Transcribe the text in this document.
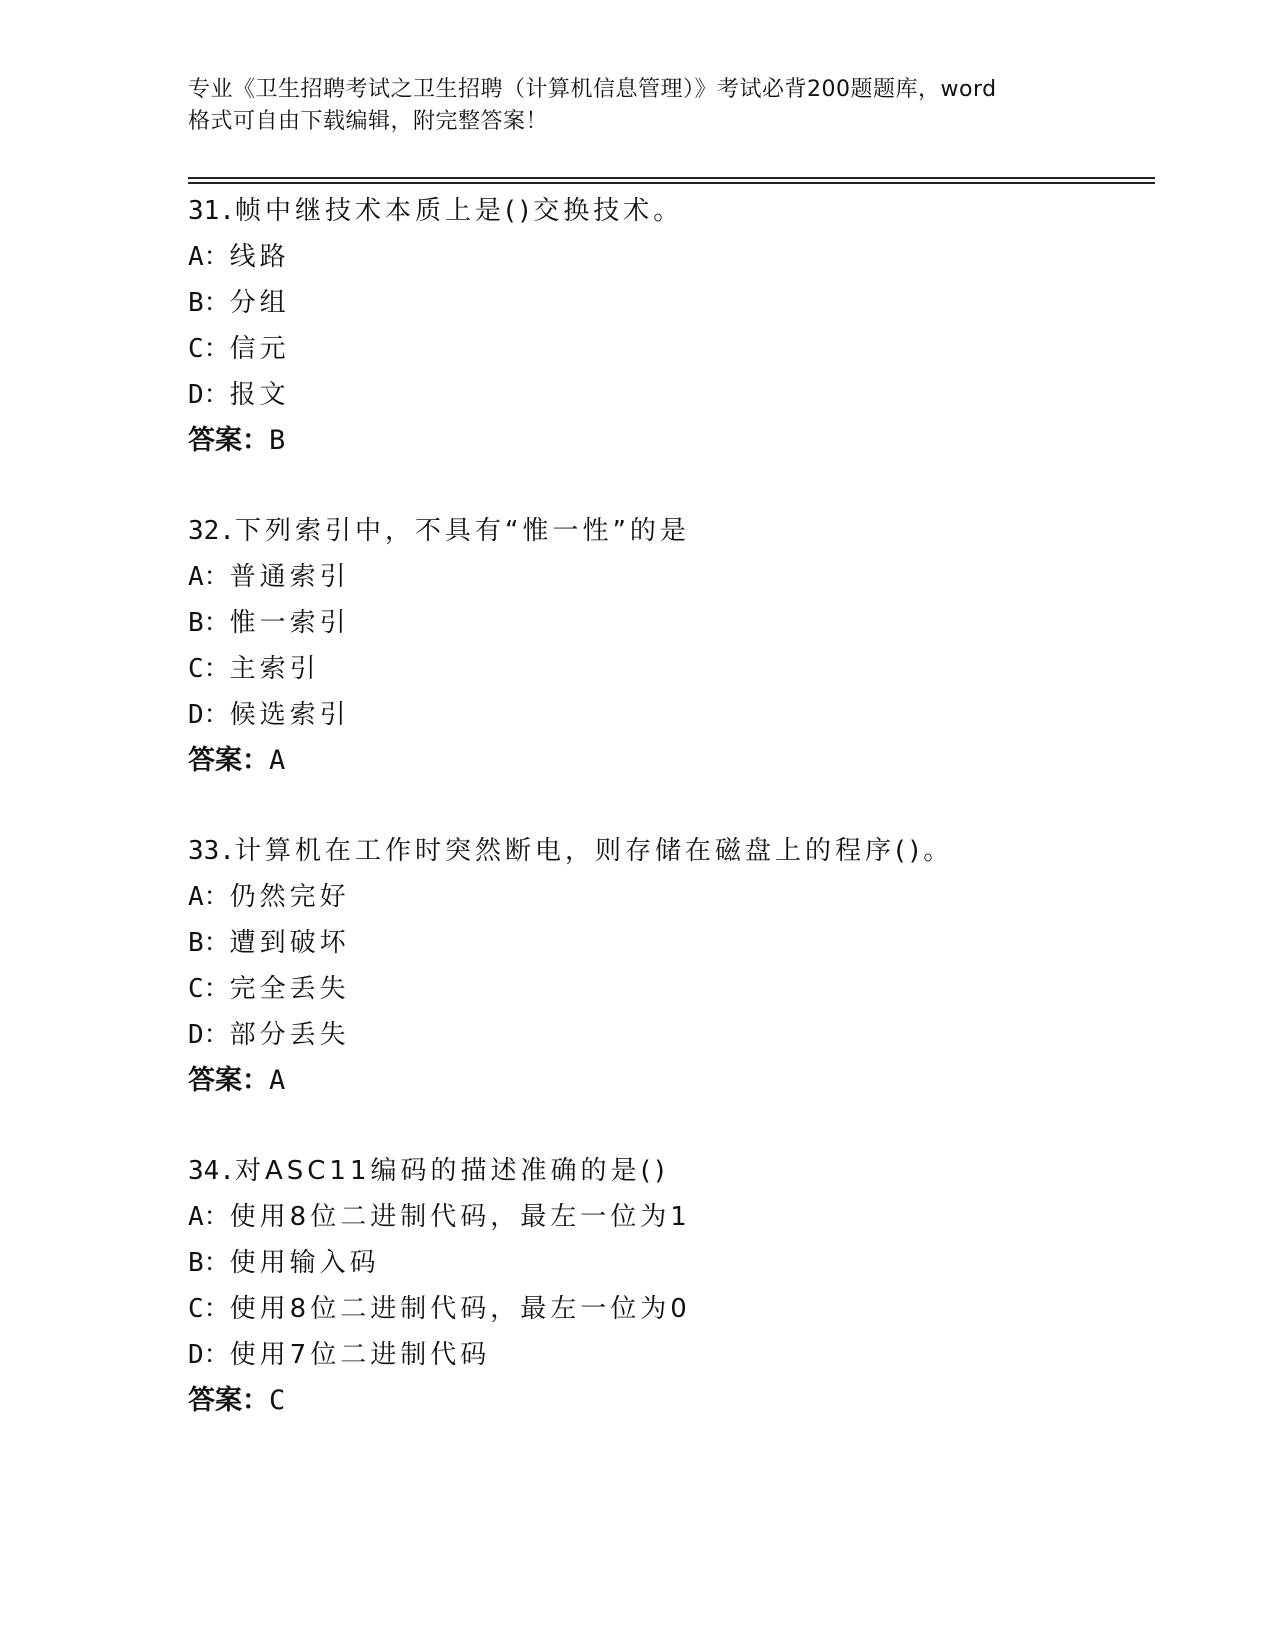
专业《卫生招聘考试之卫生招聘（计算机信息管理）》考试必背200题题库，word
格式可自由下载编辑，附完整答案！
31.帧中继技术本质上是()交换技术。
A：线路
B：分组
C：信元
D：报文
答案：B
32.下列索引中，不具有“惟一性”的是
A：普通索引
B：惟一索引
C：主索引
D：候选索引
答案：A
33.计算机在工作时突然断电，则存储在磁盘上的程序()。
A：仍然完好
B：遭到破坏
C：完全丢失
D：部分丢失
答案：A
34.对ASC11编码的描述准确的是()
A：使用8位二进制代码，最左一位为1
B：使用输入码
C：使用8位二进制代码，最左一位为0
D：使用7位二进制代码
答案：C
